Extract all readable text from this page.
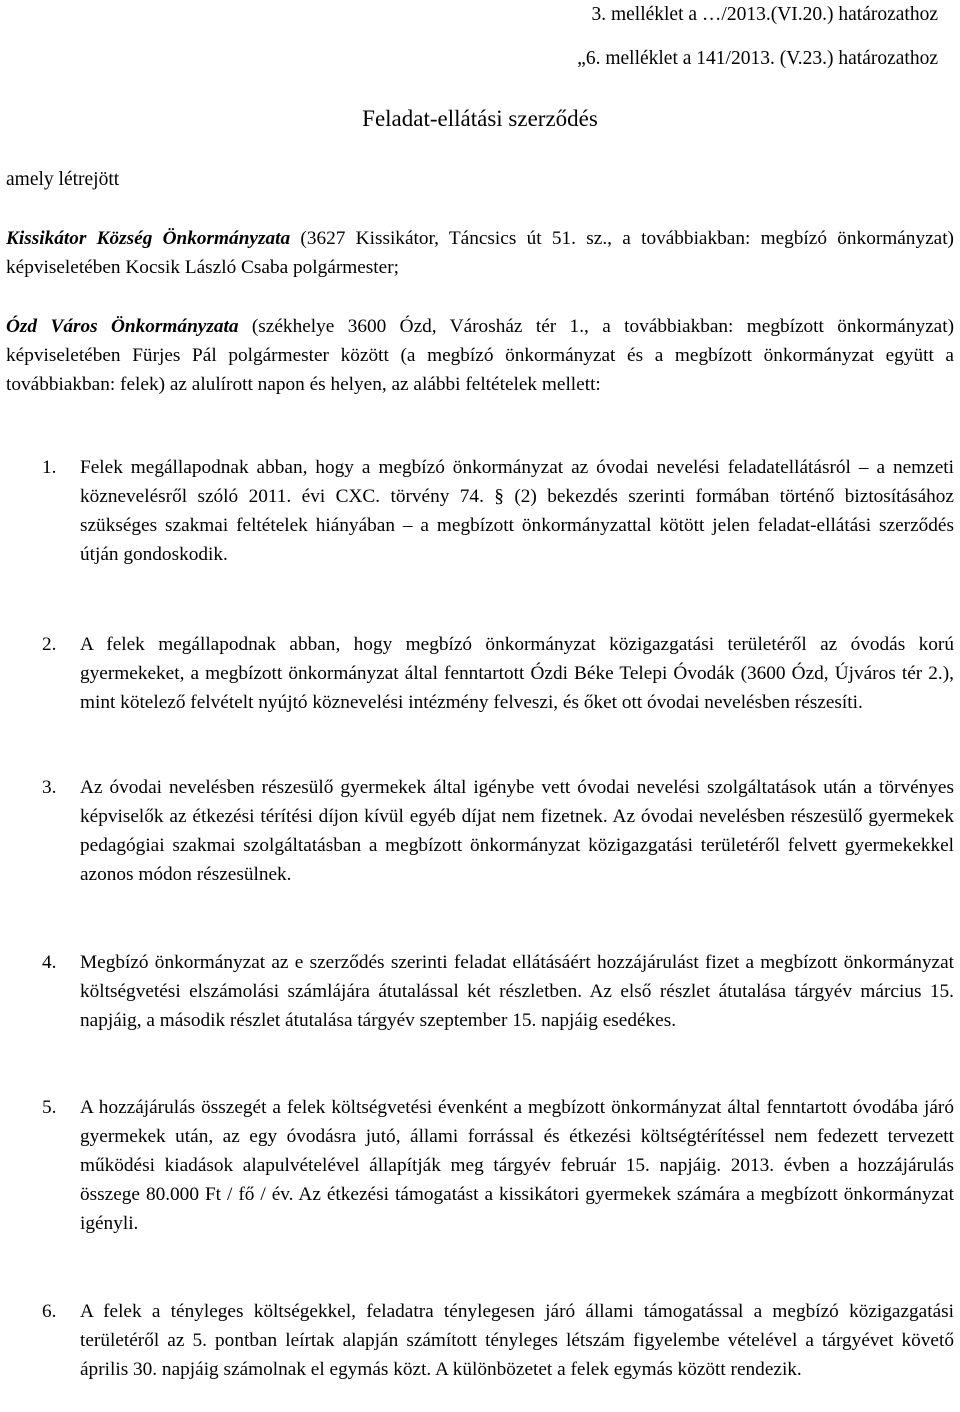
3. melléklet a …/2013.(VI.20.) határozathoz
„6. melléklet a 141/2013. (V.23.) határozathoz
Feladat-ellátási szerződés
amely létrejött
Kissikátor Község Önkormányzata (3627 Kissikátor, Táncsics út 51. sz., a továbbiakban: megbízó önkormányzat) képviseletében Kocsik László Csaba polgármester;
Ózd Város Önkormányzata (székhelye 3600 Ózd, Városház tér 1., a továbbiakban: megbízott önkormányzat) képviseletében Fürjes Pál polgármester között (a megbízó önkormányzat és a megbízott önkormányzat együtt a továbbiakban: felek) az alulírott napon és helyen, az alábbi feltételek mellett:
1. Felek megállapodnak abban, hogy a megbízó önkormányzat az óvodai nevelési feladatellátásról – a nemzeti köznevelésről szóló 2011. évi CXC. törvény 74. § (2) bekezdés szerinti formában történő biztosításához szükséges szakmai feltételek hiányában – a megbízott önkormányzattal kötött jelen feladat-ellátási szerződés útján gondoskodik.
2. A felek megállapodnak abban, hogy megbízó önkormányzat közigazgatási területéről az óvodás korú gyermekeket, a megbízott önkormányzat által fenntartott Ózdi Béke Telepi Óvodák (3600 Ózd, Újváros tér 2.), mint kötelező felvételt nyújtó köznevelési intézmény felveszi, és őket ott óvodai nevelésben részesíti.
3. Az óvodai nevelésben részesülő gyermekek által igénybe vett óvodai nevelési szolgáltatások után a törvényes képviselők az étkezési térítési díjon kívül egyéb díjat nem fizetnek. Az óvodai nevelésben részesülő gyermekek pedagógiai szakmai szolgáltatásban a megbízott önkormányzat közigazgatási területéről felvett gyermekekkel azonos módon részesülnek.
4. Megbízó önkormányzat az e szerződés szerinti feladat ellátásáért hozzájárulást fizet a megbízott önkormányzat költségvetési elszámolási számlájára átutalással két részletben. Az első részlet átutalása tárgyév március 15. napjáig, a második részlet átutalása tárgyév szeptember 15. napjáig esedékes.
5. A hozzájárulás összegét a felek költségvetési évenként a megbízott önkormányzat által fenntartott óvodába járó gyermekek után, az egy óvodásra jutó, állami forrással és étkezési költségtérítéssel nem fedezett tervezett működési kiadások alapulvételével állapítják meg tárgyév február 15. napjáig. 2013. évben a hozzájárulás összege 80.000 Ft / fő / év. Az étkezési támogatást a kissikátori gyermekek számára a megbízott önkormányzat igényli.
6. A felek a tényleges költségekkel, feladatra ténylegesen járó állami támogatással a megbízó közigazgatási területéről az 5. pontban leírtak alapján számított tényleges létszám figyelembe vételével a tárgyévet követő április 30. napjáig számolnak el egymás közt. A különbözetet a felek egymás között rendezik.
